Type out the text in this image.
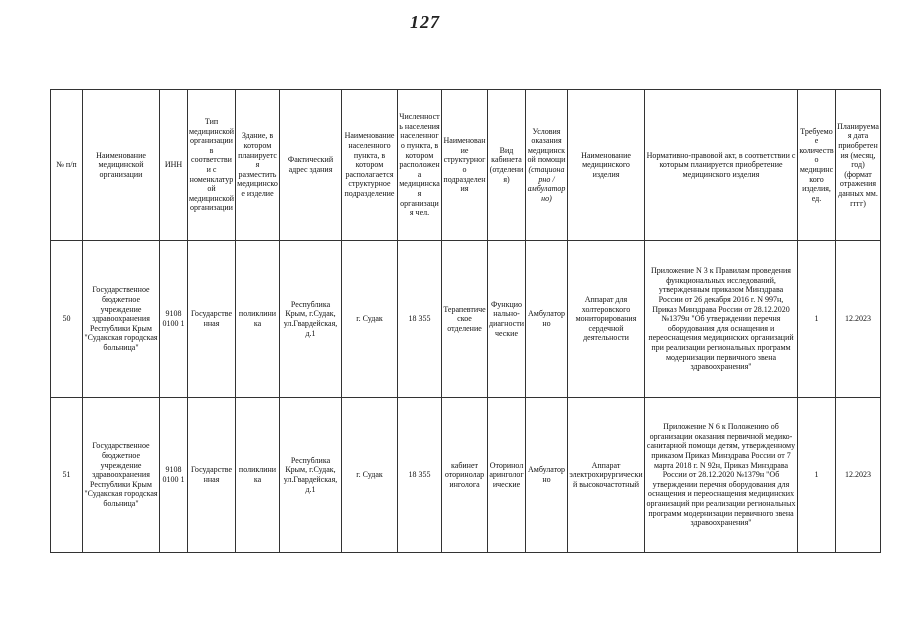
127
№ п/п	Наименование медицинской организации	ИНН	Тип медицинской организации в соответствии с номенклатурой медицинской организации	Здание, в котором планируется разместить медицинское изделие	Фактический адрес здания	Наименование населенного пункта, в котором располагается структурное подразделение	Численность населения населенного пункта, в котором расположена медицинская организация чел.	Наименование структурного подразделения	Вид кабинета (отделения)	Условия оказания медицинской помощи (стационарно / амбулаторно)	Наименование медицинского изделия	Нормативно-правовой акт, в соответствии с которым планируется приобретение медицинского изделия	Требуемое количество медицинского изделия, ед.	Планируемая дата приобретения (месяц, год) (формат отражения данных мм. гггг)
50	Государственное бюджетное учреждение здравоохранения Республики Крым "Судакская городская больница"	9108 0100 1	Государственная	поликлиника	Республика Крым, г.Судак, ул.Гвардейская, д.1	г. Судак	18 355	Терапевтическое отделение	Функционально-диагностические	Амбулаторно	Аппарат для холтеровского мониторирования сердечной деятельности	Приложение N 3 к Правилам проведения функциональных исследований, утвержденным приказом Минздрава России от 26 декабря 2016 г. N 997н, Приказ Минздрава России от 28.12.2020 №1379н "Об утверждении перечня оборудования для оснащения и переоснащения медицинских организаций при реализации региональных программ модернизации первичного звена здравоохранения"	1	12.2023
51	Государственное бюджетное учреждение здравоохранения Республики Крым "Судакская городская больница"	9108 0100 1	Государственная	поликлиника	Республика Крым, г.Судак, ул.Гвардейская, д.1	г. Судак	18 355	кабинет оториноларинголога	Оториноларингологические	Амбулаторно	Аппарат электрохирургический высокочастотный	Приложение N 6 к Положению об организации оказания первичной медико-санитарной помощи детям, утвержденному приказом Приказ Минздрава России от 7 марта 2018 г. N 92н, Приказ Минздрава России от 28.12.2020 №1379н "Об утверждении перечня оборудования для оснащения и переоснащения медицинских организаций при реализации региональных программ модернизации первичного звена здравоохранения"	1	12.2023
